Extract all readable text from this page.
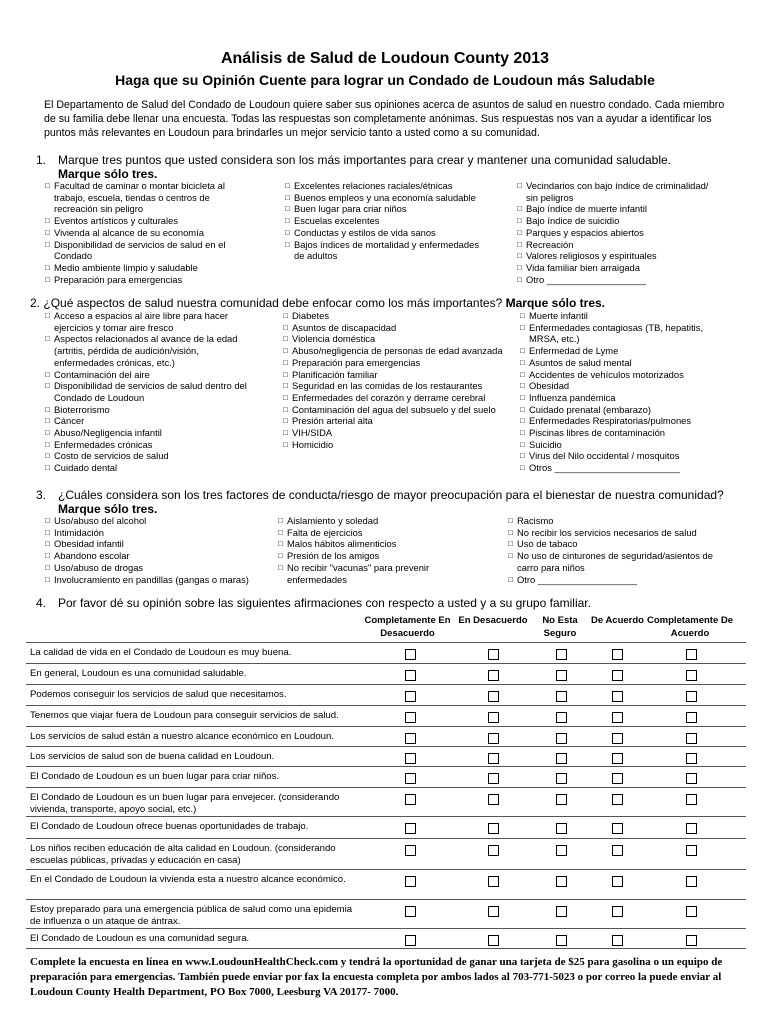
Análisis de Salud de Loudoun County 2013
Haga que su Opinión Cuente para lograr un Condado de Loudoun más Saludable
El Departamento de Salud del Condado de Loudoun quiere saber sus opiniones acerca de asuntos de salud en nuestro condado. Cada miembro de su familia debe llenar una encuesta. Todas las respuestas son completamente anónimas. Sus respuestas nos van a ayudar a identificar los puntos más relevantes en Loudoun para brindarles un mejor servicio tanto a usted como a su comunidad.
1. Marque tres puntos que usted considera son los más importantes para crear y mantener una comunidad saludable.
Marque sólo tres.
□ Facultad de caminar o montar bicicleta al trabajo, escuela, tiendas o centros de recreación sin peligro
□ Eventos artísticos y culturales
□ Vivienda al alcance de su economía
□ Disponibilidad de servicios de salud en el Condado
□ Medio ambiente limpio y saludable
□ Preparación para emergencias
□ Excelentes relaciones raciales/étnicas
□ Buenos empleos y una economía saludable
□ Buen lugar para criar niños
□ Escuelas excelentes
□ Conductas y estilos de vida sanos
□ Bajos índices de mortalidad y enfermedades de adultos
□ Vecindarios con bajo índice de criminalidad/ sin peligros
□ Bajo índice de muerte infantil
□ Bajo índice de suicidio
□ Parques y espacios abiertos
□ Recreación
□ Valores religiosos y espirituales
□ Vida familiar bien arraigada
□ Otro ___________________
2. ¿Qué aspectos de salud nuestra comunidad debe enfocar como los más importantes? Marque sólo tres.
□ Acceso a espacios al aire libre para hacer ejercicios y tomar aire fresco
□ Aspectos relacionados al avance de la edad (artritis, pérdida de audición/visión, enfermedades crónicas, etc.)
□ Contaminación del aire
□ Disponibilidad de servicios de salud dentro del Condado de Loudoun
□ Bioterrorismo
□ Cáncer
□ Abuso/Negligencia infantil
□ Enfermedades crónicas
□ Costo de servicios de salud
□ Cuidado dental
□ Diabetes
□ Asuntos de discapacidad
□ Violencia doméstica
□ Abuso/negligencia de personas de edad avanzada
□ Preparación para emergencias
□ Planificación familiar
□ Seguridad en las comidas de los restaurantes
□ Enfermedades del corazón y derrame cerebral
□ Contaminación del agua del subsuelo y del suelo
□ Presión arterial alta
□ VIH/SIDA
□ Homicidio
□ Muerte infantil
□ Enfermedades contagiosas (TB, hepatitis, MRSA, etc.)
□ Enfermedad de Lyme
□ Asuntos de salud mental
□ Accidentes de vehículos motorizados
□ Obesidad
□ Influenza pandémica
□ Cuidado prenatal (embarazo)
□ Enfermedades Respiratorias/pulmones
□ Piscinas libres de contaminación
□ Suicidio
□ Virus del Nilo occidental / mosquitos
□ Otros ________________________
3. ¿Cuáles considera son los tres factores de conducta/riesgo de mayor preocupación para el bienestar de nuestra comunidad? Marque sólo tres.
□ Uso/abuso del alcohol
□ Intimidación
□ Obesidad infantil
□ Abandono escolar
□ Uso/abuso de drogas
□ Involucramiento en pandillas (gangas o maras)
□ Aislamiento y soledad
□ Falta de ejercicios
□ Malos hábitos alimenticios
□ Presión de los amigos
□ No recibir "vacunas" para prevenir enfermedades
□ Racismo
□ No recibir los servicios necesarios de salud
□ Uso de tabaco
□ No uso de cinturones de seguridad/asientos de carro para niños
□ Otro ___________________
4. Por favor dé su opinión sobre las siguientes afirmaciones con respecto a usted y a su grupo familiar.
Completamente En Desacuerdo
En Desacuerdo	No Esta Seguro
De Acuerdo Completamente De Acuerdo
La calidad de vida en el Condado de Loudoun es muy buena.
En general, Loudoun es una comunidad saludable.
Podemos conseguir los servicios de salud que necesitamos.
Tenemos que viajar fuera de Loudoun para conseguir servicios de salud.
Los servicios de salud están a nuestro alcance económico en Loudoun.
Los servicios de salud son de buena calidad en Loudoun.
El Condado de Loudoun es un buen lugar para criar niños.
El Condado de Loudoun es un buen lugar para envejecer. (considerando vivienda, transporte, apoyo social, etc.)
El Condado de Loudoun ofrece buenas oportunidades de trabajo.
Los niños reciben educación de alta calidad en Loudoun. (considerando escuelas públicas, privadas y educación en casa)
En el Condado de Loudoun la vivienda esta a nuestro alcance económico.
Estoy preparado para una emergencia pública de salud como una epidemia de influenza o un ataque de ántrax.
El Condado de Loudoun es una comunidad segura.
Complete la encuesta en línea en www.LoudounHealthCheck.com y tendrá la oportunidad de ganar una tarjeta de $25 para gasolina o un equipo de preparación para emergencias. También puede enviar por fax la encuesta completa por ambos lados al 703-771-5023 o por correo la puede enviar al Loudoun County Health Department, PO Box 7000, Leesburg VA 20177- 7000.
